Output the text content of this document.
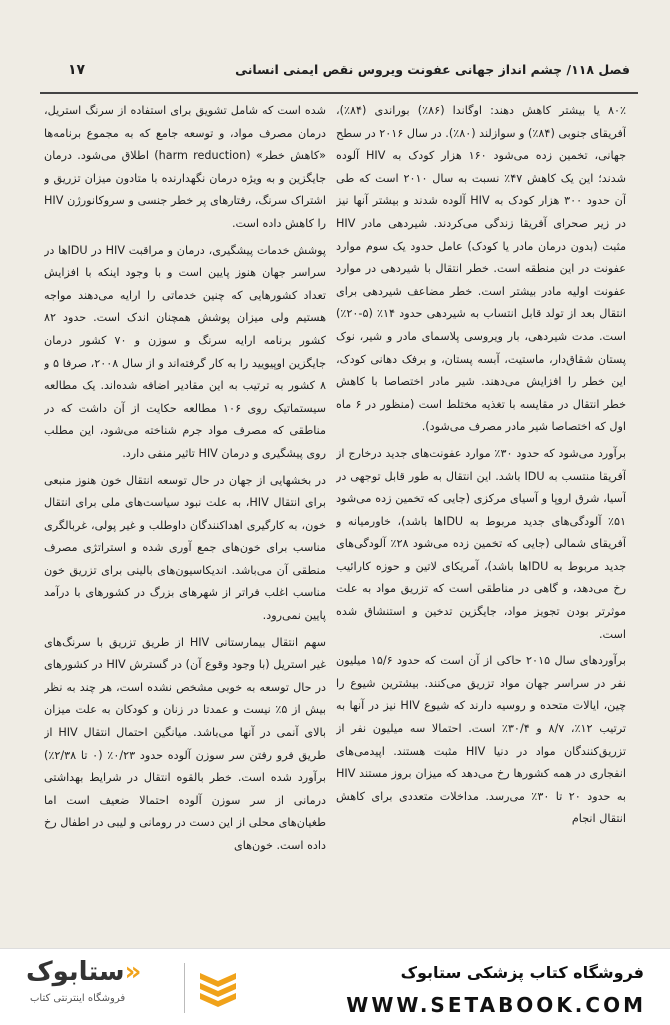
فصل ۱۱۸/ چشم انداز جهانی عفونت ویروس نقص ایمنی انسانی
۱۷

۸۰٪ یا بیشتر کاهش دهند: اوگاندا (۸۶٪) بوراندی (۸۴٪)، آفریقای جنوبی (۸۴٪) و سوازلند (۸۰٪). در سال ۲۰۱۶ در سطح جهانی، تخمین زده می‌شود ۱۶۰ هزار کودک به HIV آلوده شدند؛ این یک کاهش ۴۷٪ نسبت به سال ۲۰۱۰ است که طی آن حدود ۳۰۰ هزار کودک به HIV آلوده شدند و بیشتر آنها نیز در زیر صحرای آفریقا زندگی می‌کردند. شیردهی مادر HIV مثبت (بدون درمان مادر یا کودک) عامل حدود یک سوم موارد عفونت در این منطقه است. خطر انتقال با شیردهی در موارد عفونت اولیه مادر بیشتر است. خطر مضاعف شیردهی برای انتقال بعد از تولد قابل انتساب به شیردهی حدود ۱۴٪ (۵-۲۰٪) است. مدت شیردهی، بار ویروسی پلاسمای مادر و شیر، نوک پستان شقاق‌دار، ماستیت، آبسه پستان، و برفک دهانی کودک، این خطر را افزایش می‌دهند. شیر مادر اختصاصا با کاهش خطر انتقال در مقایسه با تغذیه مختلط است (منظور در ۶ ماه اول که اختصاصا شیر مادر مصرف می‌شود).

برآورد می‌شود که حدود ۳۰٪ موارد عفونت‌های جدید درخارج از آفریقا منتسب به IDU باشد. این انتقال به طور قابل توجهی در آسیا، شرق اروپا و آسیای مرکزی (جایی که تخمین زده می‌شود ۵۱٪ آلودگی‌های جدید مربوط به IDUها باشد)، خاورمیانه و آفریقای شمالی (جایی که تخمین زده می‌شود ۲۸٪ آلودگی‌های جدید مربوط به IDUها باشد)، آمریکای لاتین و حوزه کارائیب رخ می‌دهد، و گاهی در مناطقی است که تزریق مواد به علت موثرتر بودن تجویز مواد، جایگزین تدخین و استنشاق شده است.

برآوردهای سال ۲۰۱۵ حاکی از آن است که حدود ۱۵/۶ میلیون نفر در سراسر جهان مواد تزریق می‌کنند. بیشترین شیوع را چین، ایالات متحده و روسیه دارند که شیوع HIV نیز در آنها به ترتیب ۱۲٪، ۸/۷ و ۳۰/۴٪ است. احتمالا سه میلیون نفر از تزریق‌کنندگان مواد در دنیا HIV مثبت هستند. اپیدمی‌های انفجاری در همه کشورها رخ می‌دهد که میزان بروز مستند HIV به حدود ۲۰ تا ۳۰٪ می‌رسد. مداخلات متعددی برای کاهش انتقال انجام

شده است که شامل تشویق برای استفاده از سرنگ استریل، درمان مصرف مواد، و توسعه جامع که به مجموع برنامه‌ها «کاهش خطر» (harm reduction) اطلاق می‌شود. درمان جایگزین و به ویژه درمان نگهدارنده با متادون میزان تزریق و اشتراک سرنگ، رفتارهای پر خطر جنسی و سروکانورژن HIV را کاهش داده است.

پوشش خدمات پیشگیری، درمان و مراقبت HIV در IDUها در سراسر جهان هنوز پایین است و با وجود اینکه با افزایش تعداد کشورهایی که چنین خدماتی را ارایه می‌دهند مواجه هستیم ولی میزان پوشش همچنان اندک است. حدود ۸۲ کشور برنامه ارایه سرنگ و سوزن و ۷۰ کشور درمان جایگزین اوپیویید را به کار گرفته‌اند و از سال ۲۰۰۸، صرفا ۵ و ۸ کشور به ترتیب به این مقادیر اضافه شده‌اند. یک مطالعه سیستماتیک روی ۱۰۶ مطالعه حکایت از آن داشت که در مناطقی که مصرف مواد جرم شناخته می‌شود، این مطلب روی پیشگیری و درمان HIV تاثیر منفی دارد.

در بخشهایی از جهان در حال توسعه انتقال خون هنوز منبعی برای انتقال HIV، به علت نبود سیاست‌های ملی برای انتقال خون، به کارگیری اهداکنندگان داوطلب و غیر پولی، غربالگری مناسب برای خون‌های جمع آوری شده و استراتژی مصرف منطقی آن می‌باشد. اندیکاسیون‌های بالینی برای تزریق خون مناسب اغلب فراتر از شهرهای بزرگ در کشورهای با درآمد پایین نمی‌رود.

سهم انتقال بیمارستانی HIV از طریق تزریق با سرنگ‌های غیر استریل (با وجود وقوع آن) در گسترش HIV در کشورهای در حال توسعه به خوبی مشخص نشده است، هر چند به نظر بیش از ۵٪ نیست و عمدتا در زنان و کودکان به علت میزان بالای آنمی در آنها می‌باشد. میانگین احتمال انتقال HIV از طریق فرو رفتن سر سوزن آلوده حدود ۰/۲۳٪ (۰ تا ۲/۳۸٪) برآورد شده است. خطر بالقوه انتقال در شرایط بهداشتی درمانی از سر سوزن آلوده احتمالا ضعیف است اما طغیان‌های محلی از این دست در رومانی و لیبی در اطفال رخ داده است. خون‌های

«ستابوک
فروشگاه اینترنتی کتاب
فروشگاه کتاب پزشکی ستابوک
WWW.SETABOOK.COM
